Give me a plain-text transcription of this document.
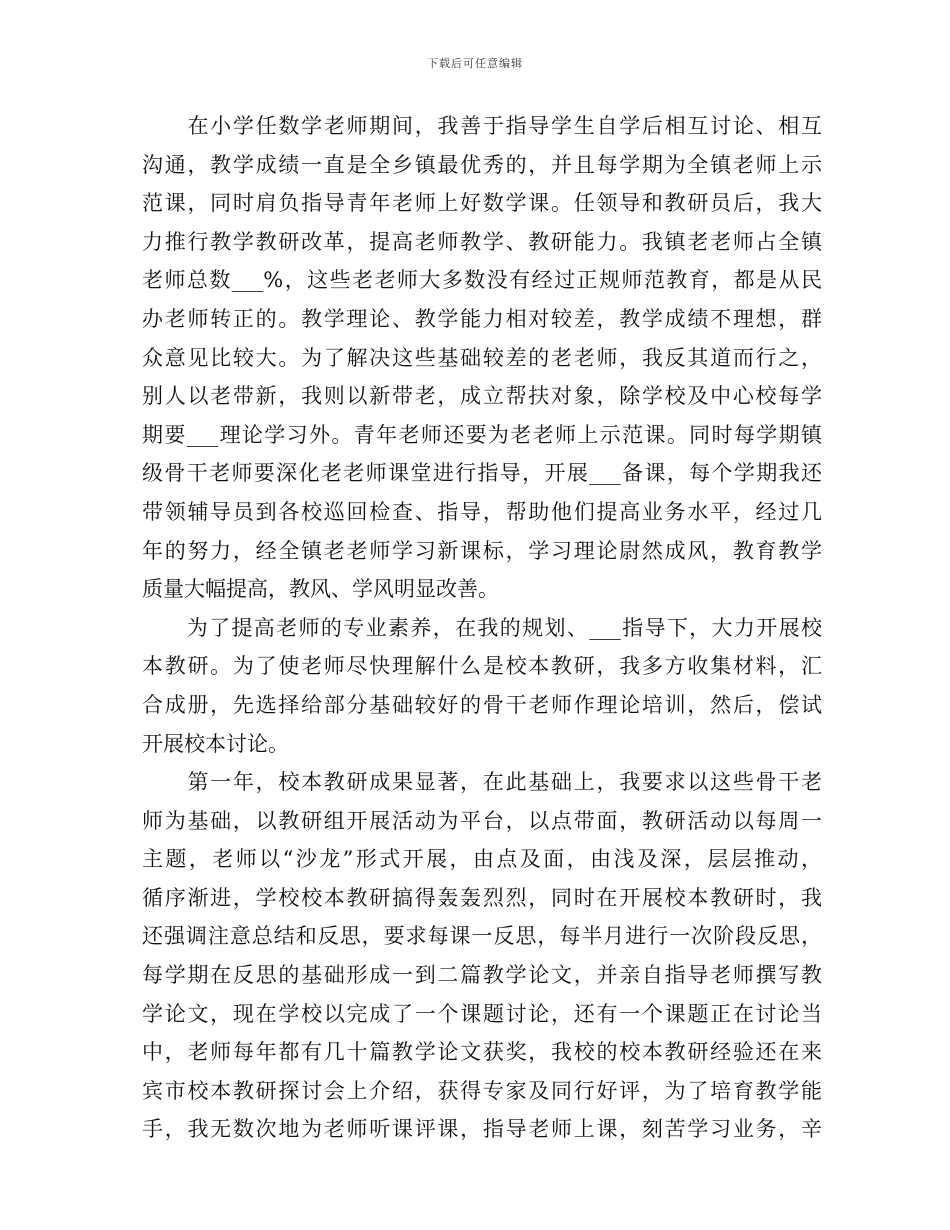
下载后可任意编辑
　　在小学任数学老师期间，我善于指导学生自学后相互讨论、相互
沟通，教学成绩一直是全乡镇最优秀的，并且每学期为全镇老师上示
范课，同时肩负指导青年老师上好数学课。任领导和教研员后，我大
力推行教学教研改革，提高老师教学、教研能力。我镇老老师占全镇
老师总数___%，这些老老师大多数没有经过正规师范教育，都是从民
办老师转正的。教学理论、教学能力相对较差，教学成绩不理想，群
众意见比较大。为了解决这些基础较差的老老师，我反其道而行之，
别人以老带新，我则以新带老，成立帮扶对象，除学校及中心校每学
期要___理论学习外。青年老师还要为老老师上示范课。同时每学期镇
级骨干老师要深化老老师课堂进行指导，开展___备课，每个学期我还
带领辅导员到各校巡回检查、指导，帮助他们提高业务水平，经过几
年的努力，经全镇老老师学习新课标，学习理论尉然成风，教育教学
质量大幅提高，教风、学风明显改善。
　　为了提高老师的专业素养，在我的规划、___指导下，大力开展校
本教研。为了使老师尽快理解什么是校本教研，我多方收集材料，汇
合成册，先选择给部分基础较好的骨干老师作理论培训，然后，偿试
开展校本讨论。
　　第一年，校本教研成果显著，在此基础上，我要求以这些骨干老
师为基础，以教研组开展活动为平台，以点带面，教研活动以每周一
主题，老师以“沙龙”形式开展，由点及面，由浅及深，层层推动，
循序渐进，学校校本教研搞得轰轰烈烈，同时在开展校本教研时，我
还强调注意总结和反思，要求每课一反思，每半月进行一次阶段反思，
每学期在反思的基础形成一到二篇教学论文，并亲自指导老师撰写教
学论文，现在学校以完成了一个课题讨论，还有一个课题正在讨论当
中，老师每年都有几十篇教学论文获奖，我校的校本教研经验还在来
宾市校本教研探讨会上介绍，获得专家及同行好评，为了培育教学能
手，我无数次地为老师听课评课，指导老师上课，刻苦学习业务，辛
